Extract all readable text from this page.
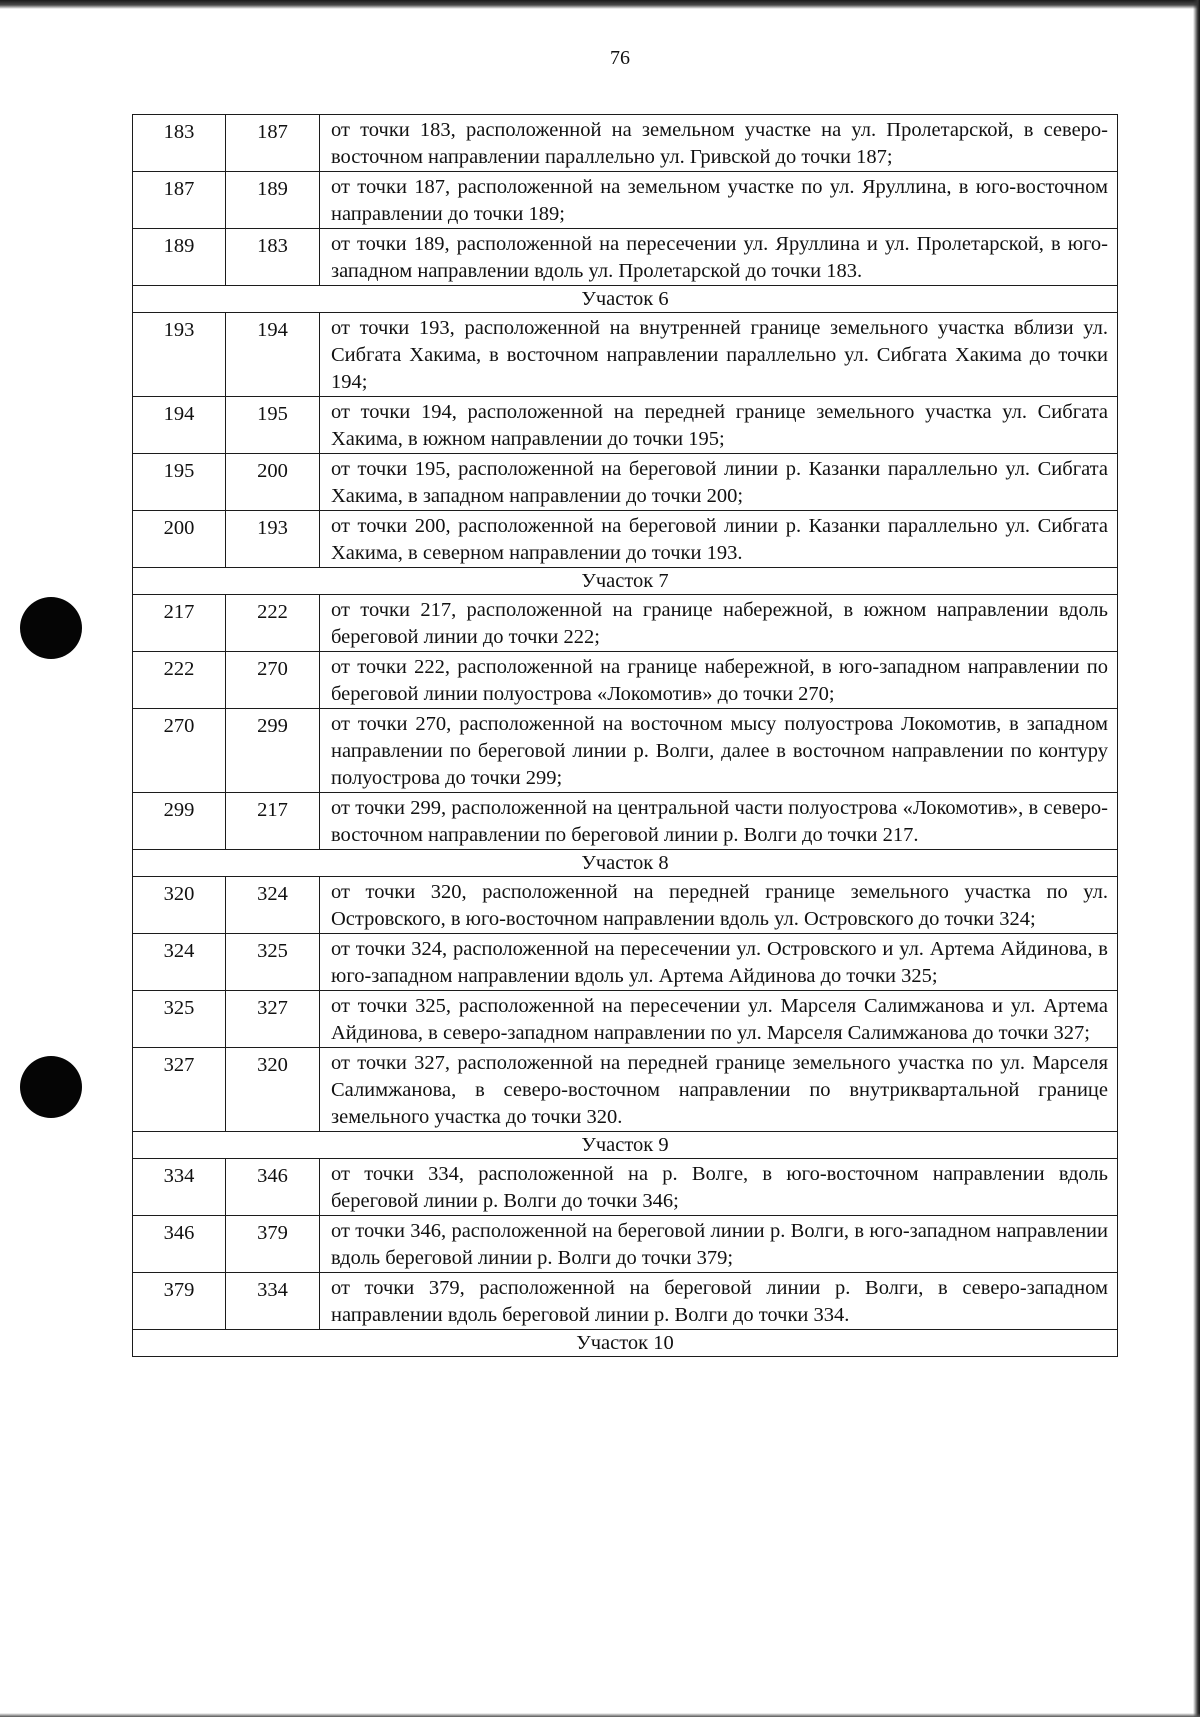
76
183	187	от точки 183, расположенной на земельном участке на ул. Пролетарской, в северо-восточном направлении параллельно ул. Гривской до точки 187;
187	189	от точки 187, расположенной на земельном участке по ул. Яруллина, в юго-восточном направлении до точки 189;
189	183	от точки 189, расположенной на пересечении ул. Яруллина и ул. Пролетарской, в юго-западном направлении вдоль ул. Пролетарской до точки 183.
Участок 6		
193	194	от точки 193, расположенной на внутренней границе земельного участка вблизи ул. Сибгата Хакима, в восточном направлении параллельно ул. Сибгата Хакима до точки 194;
194	195	от точки 194, расположенной на передней границе земельного участка ул. Сибгата Хакима, в южном направлении до точки 195;
195	200	от точки 195, расположенной на береговой линии р. Казанки параллельно ул. Сибгата Хакима, в западном направлении до точки 200;
200	193	от точки 200, расположенной на береговой линии р. Казанки параллельно ул. Сибгата Хакима, в северном направлении до точки 193.
Участок 7		
217	222	от точки 217, расположенной на границе набережной, в южном направлении вдоль береговой линии до точки 222;
222	270	от точки 222, расположенной на границе набережной, в юго-западном направлении по береговой линии полуострова «Локомотив» до точки 270;
270	299	от точки 270, расположенной на восточном мысу полуострова Локомотив, в западном направлении по береговой линии р. Волги, далее в восточном направлении по контуру полуострова до точки 299;
299	217	от точки 299, расположенной на центральной части полуострова «Локомотив», в северо-восточном направлении по береговой линии р. Волги до точки 217.
Участок 8		
320	324	от точки 320, расположенной на передней границе земельного участка по ул. Островского, в юго-восточном направлении вдоль ул. Островского до точки 324;
324	325	от точки 324, расположенной на пересечении ул. Островского и ул. Артема Айдинова, в юго-западном направлении вдоль ул. Артема Айдинова до точки 325;
325	327	от точки 325, расположенной на пересечении ул. Марселя Салимжанова и ул. Артема Айдинова, в северо-западном направлении по ул. Марселя Салимжанова до точки 327;
327	320	от точки 327, расположенной на передней границе земельного участка по ул. Марселя Салимжанова, в северо-восточном направлении по внутриквартальной границе земельного участка до точки 320.
Участок 9		
334	346	от точки 334, расположенной на р. Волге, в юго-восточном направлении вдоль береговой линии р. Волги до точки 346;
346	379	от точки 346, расположенной на береговой линии р. Волги, в юго-западном направлении вдоль береговой линии р. Волги до точки 379;
379	334	от точки 379, расположенной на береговой линии р. Волги, в северо-западном направлении вдоль береговой линии р. Волги до точки 334.
Участок 10		
